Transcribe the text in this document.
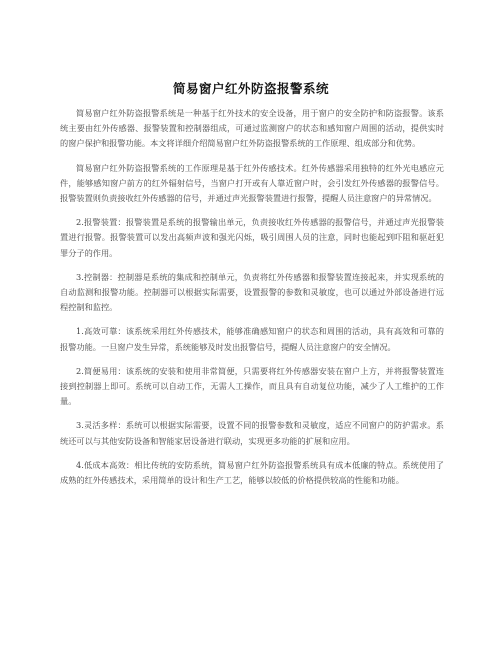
简易窗户红外防盗报警系统

简易窗户红外防盗报警系统是一种基于红外技术的安全设备，用于窗户的安全防护和防盗报警。该系统主要由红外传感器、报警装置和控制器组成，可通过监测窗户的状态和感知窗户周围的活动，提供实时的窗户保护和报警功能。本文将详细介绍简易窗户红外防盗报警系统的工作原理、组成部分和优势。

简易窗户红外防盗报警系统的工作原理是基于红外传感技术。红外传感器采用独特的红外光电感应元件，能够感知窗户前方的红外辐射信号，当窗户打开或有人靠近窗户时，会引发红外传感器的报警信号。报警装置则负责接收红外传感器的信号，并通过声光报警装置进行报警，提醒人员注意窗户的异常情况。

2.报警装置：报警装置是系统的报警输出单元，负责接收红外传感器的报警信号，并通过声光报警装置进行报警。报警装置可以发出高频声波和强光闪烁，吸引周围人员的注意，同时也能起到吓阻和驱赶犯罪分子的作用。

3.控制器：控制器是系统的集成和控制单元，负责将红外传感器和报警装置连接起来，并实现系统的自动监测和报警功能。控制器可以根据实际需要，设置报警的参数和灵敏度，也可以通过外部设备进行远程控制和监控。

1.高效可靠：该系统采用红外传感技术，能够准确感知窗户的状态和周围的活动，具有高效和可靠的报警功能。一旦窗户发生异常，系统能够及时发出报警信号，提醒人员注意窗户的安全情况。

2.简便易用：该系统的安装和使用非常简便，只需要将红外传感器安装在窗户上方，并将报警装置连接到控制器上即可。系统可以自动工作，无需人工操作，而且具有自动复位功能，减少了人工维护的工作量。

3.灵活多样：系统可以根据实际需要，设置不同的报警参数和灵敏度，适应不同窗户的防护需求。系统还可以与其他安防设备和智能家居设备进行联动，实现更多功能的扩展和应用。

4.低成本高效：相比传统的安防系统，简易窗户红外防盗报警系统具有成本低廉的特点。系统使用了成熟的红外传感技术，采用简单的设计和生产工艺，能够以较低的价格提供较高的性能和功能。
